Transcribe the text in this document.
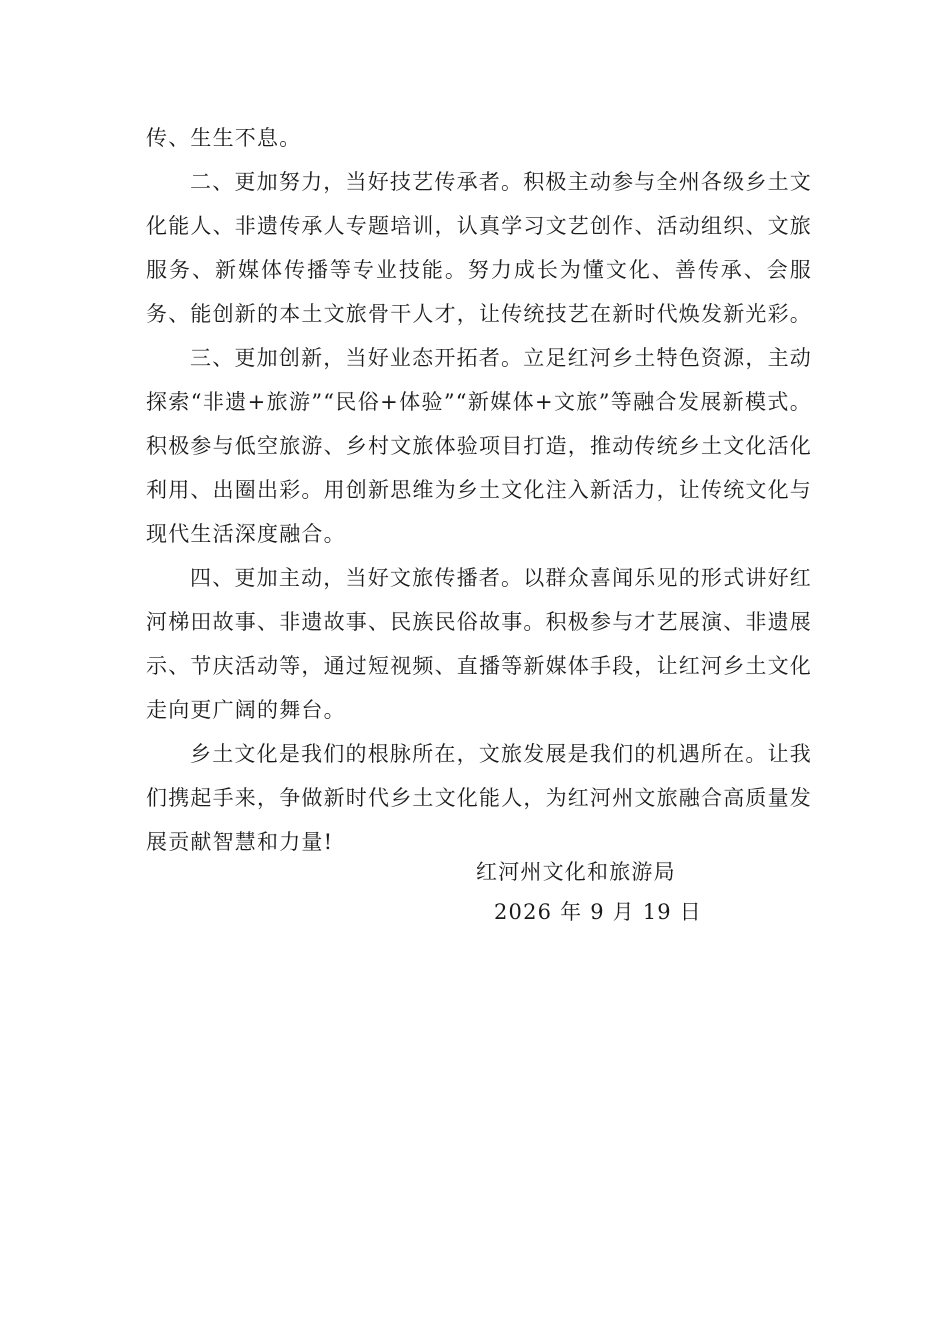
传、生生不息。

二、更加努力，当好技艺传承者。积极主动参与全州各级乡土文化能人、非遗传承人专题培训，认真学习文艺创作、活动组织、文旅服务、新媒体传播等专业技能。努力成长为懂文化、善传承、会服务、能创新的本土文旅骨干人才，让传统技艺在新时代焕发新光彩。

三、更加创新，当好业态开拓者。立足红河乡土特色资源，主动探索“非遗+旅游”“民俗+体验”“新媒体+文旅”等融合发展新模式。积极参与低空旅游、乡村文旅体验项目打造，推动传统乡土文化活化利用、出圈出彩。用创新思维为乡土文化注入新活力，让传统文化与现代生活深度融合。

四、更加主动，当好文旅传播者。以群众喜闻乐见的形式讲好红河梯田故事、非遗故事、民族民俗故事。积极参与才艺展演、非遗展示、节庆活动等，通过短视频、直播等新媒体手段，让红河乡土文化走向更广阔的舞台。

乡土文化是我们的根脉所在，文旅发展是我们的机遇所在。让我们携起手来，争做新时代乡土文化能人，为红河州文旅融合高质量发展贡献智慧和力量!

红河州文化和旅游局
2026 年 9 月 19 日
